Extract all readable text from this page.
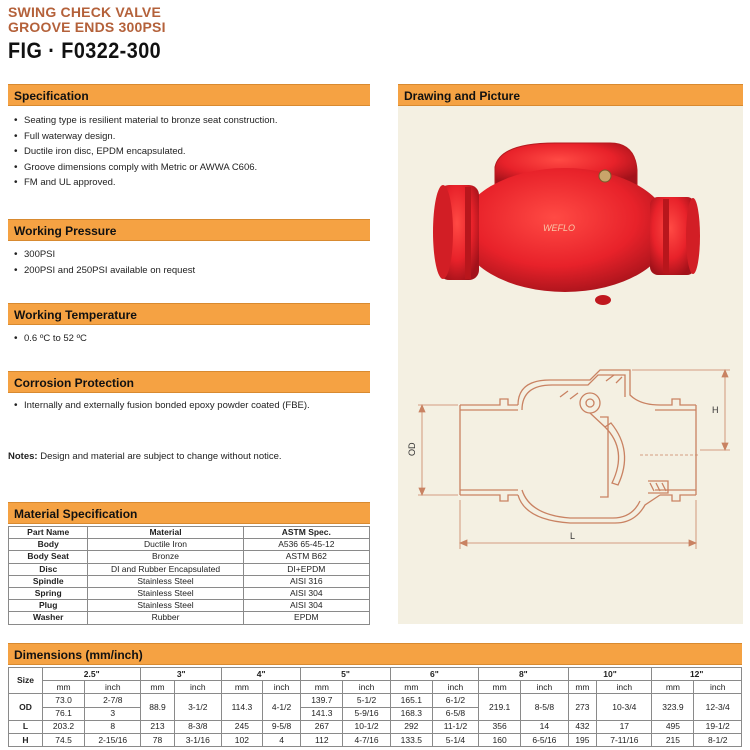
SWING CHECK VALVE
GROOVE ENDS 300PSI
FIG · F0322-300
Specification
• Seating type is resilient material to bronze seat construction.
• Full waterway design.
• Ductile iron disc, EPDM encapsulated.
• Groove dimensions comply with Metric or AWWA C606.
• FM and UL approved.
Working Pressure
• 300PSI
• 200PSI and 250PSI available on request
Working Temperature
• 0.6 ºC to 52 ºC
Corrosion Protection
• Internally and externally fusion bonded epoxy powder coated (FBE).
Notes: Design and material are subject to change without notice.
Drawing and Picture
WEFLO
OD
H
L
Material Specification
Part Name	Material	ASTM Spec.
Body	Ductile Iron	A536 65-45-12
Body Seat	Bronze	ASTM B62
Disc	DI and Rubber Encapsulated	DI+EPDM
Spindle	Stainless Steel	AISI 316
Spring	Stainless Steel	AISI 304
Plug	Stainless Steel	AISI 304
Washer	Rubber	EPDM
Dimensions (mm/inch)
Size	2.5"		3"		4"		5"		6"		8"		10"		12"	
	mm	inch	mm	inch	mm	inch	mm	inch	mm	inch	mm	inch	mm	inch	mm	inch
OD	73.0	2-7/8	88.9	3-1/2	114.3	4-1/2	139.7	5-1/2	165.1	6-1/2	219.1	8-5/8	273	10-3/4	323.9	12-3/4
	76.1	3					141.3	5-9/16	168.3	6-5/8						
L	203.2	8	213	8-3/8	245	9-5/8	267	10-1/2	292	11-1/2	356	14	432	17	495	19-1/2
H	74.5	2-15/16	78	3-1/16	102	4	112	4-7/16	133.5	5-1/4	160	6-5/16	195	7-11/16	215	8-1/2
